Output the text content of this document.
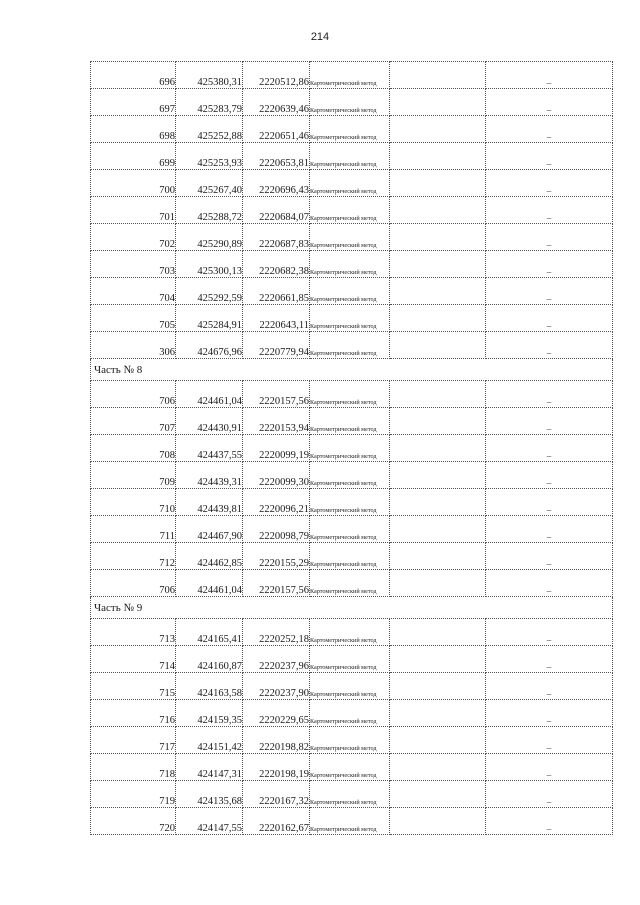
214
696	425380,31	2220512,86	Картометрический метод		–
697	425283,79	2220639,46	Картометрический метод		–
698	425252,88	2220651,46	Картометрический метод		–
699	425253,93	2220653,81	Картометрический метод		–
700	425267,40	2220696,43	Картометрический метод		–
701	425288,72	2220684,07	Картометрический метод		–
702	425290,89	2220687,83	Картометрический метод		–
703	425300,13	2220682,38	Картометрический метод		–
704	425292,59	2220661,85	Картометрический метод		–
705	425284,91	2220643,11	Картометрический метод		–
306	424676,96	2220779,94	Картометрический метод		–
Часть № 8					
706	424461,04	2220157,56	Картометрический метод		–
707	424430,91	2220153,94	Картометрический метод		–
708	424437,55	2220099,19	Картометрический метод		–
709	424439,31	2220099,30	Картометрический метод		–
710	424439,81	2220096,21	Картометрический метод		–
711	424467,90	2220098,79	Картометрический метод		–
712	424462,85	2220155,29	Картометрический метод		–
706	424461,04	2220157,56	Картометрический метод		–
Часть № 9					
713	424165,41	2220252,18	Картометрический метод		–
714	424160,87	2220237,96	Картометрический метод		–
715	424163,58	2220237,90	Картометрический метод		–
716	424159,35	2220229,65	Картометрический метод		–
717	424151,42	2220198,82	Картометрический метод		–
718	424147,31	2220198,19	Картометрический метод		–
719	424135,68	2220167,32	Картометрический метод		–
720	424147,55	2220162,67	Картометрический метод		–
